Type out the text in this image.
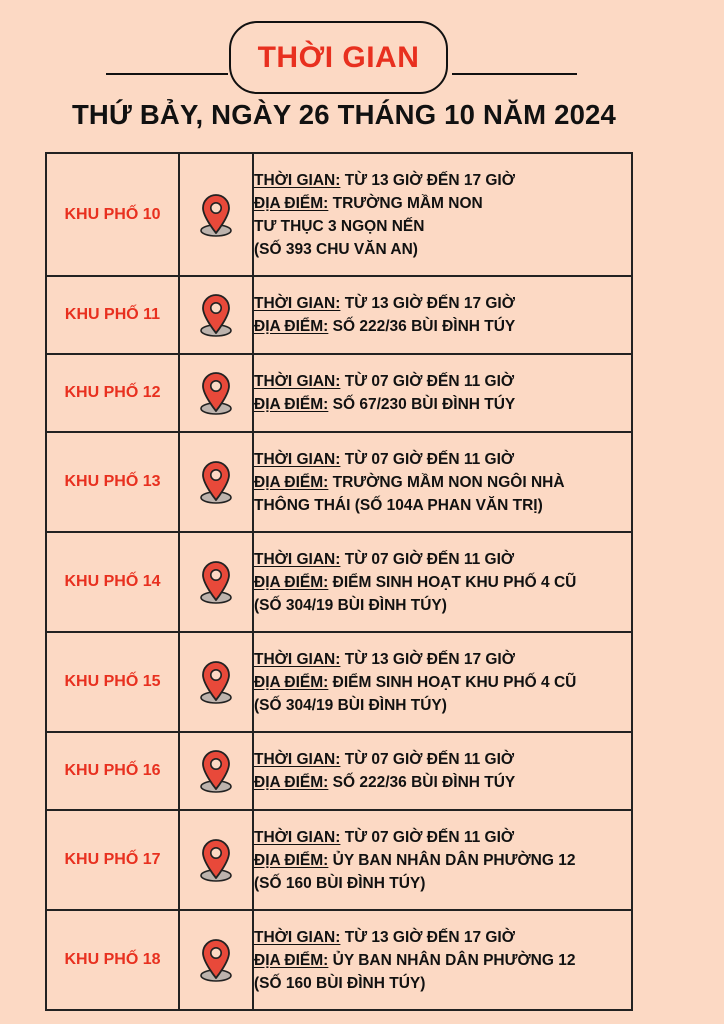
THỜI GIAN
THỨ BẢY, NGÀY 26 THÁNG 10 NĂM 2024
KHU PHỐ 10		THỜI GIAN: TỪ 13 GIỜ ĐẾN 17 GIỜ
ĐỊA ĐIỂM: TRƯỜNG MẦM NON
TƯ THỤC 3 NGỌN NẾN
(SỐ 393 CHU VĂN AN)

KHU PHỐ 11		THỜI GIAN: TỪ 13 GIỜ ĐẾN 17 GIỜ
ĐỊA ĐIỂM: SỐ 222/36 BÙI ĐÌNH TÚY

KHU PHỐ 12		THỜI GIAN: TỪ 07 GIỜ ĐẾN 11 GIỜ
ĐỊA ĐIỂM: SỐ 67/230 BÙI ĐÌNH TÚY

KHU PHỐ 13		THỜI GIAN: TỪ 07 GIỜ ĐẾN 11 GIỜ
ĐỊA ĐIỂM: TRƯỜNG MẦM NON NGÔI NHÀ
THÔNG THÁI (SỐ 104A PHAN VĂN TRỊ)

KHU PHỐ 14		THỜI GIAN: TỪ 07 GIỜ ĐẾN 11 GIỜ
ĐỊA ĐIỂM: ĐIỂM SINH HOẠT KHU PHỐ 4 CŨ
(SỐ 304/19 BÙI ĐÌNH TÚY)

KHU PHỐ 15		THỜI GIAN: TỪ 13 GIỜ ĐẾN 17 GIỜ
ĐỊA ĐIỂM: ĐIỂM SINH HOẠT KHU PHỐ 4 CŨ
(SỐ 304/19 BÙI ĐÌNH TÚY)

KHU PHỐ 16		THỜI GIAN: TỪ 07 GIỜ ĐẾN 11 GIỜ
ĐỊA ĐIỂM: SỐ 222/36 BÙI ĐÌNH TÚY

KHU PHỐ 17		THỜI GIAN: TỪ 07 GIỜ ĐẾN 11 GIỜ
ĐỊA ĐIỂM: ỦY BAN NHÂN DÂN PHƯỜNG 12
(SỐ 160 BÙI ĐÌNH TÚY)

KHU PHỐ 18		THỜI GIAN: TỪ 13 GIỜ ĐẾN 17 GIỜ
ĐỊA ĐIỂM: ỦY BAN NHÂN DÂN PHƯỜNG 12
(SỐ 160 BÙI ĐÌNH TÚY)
